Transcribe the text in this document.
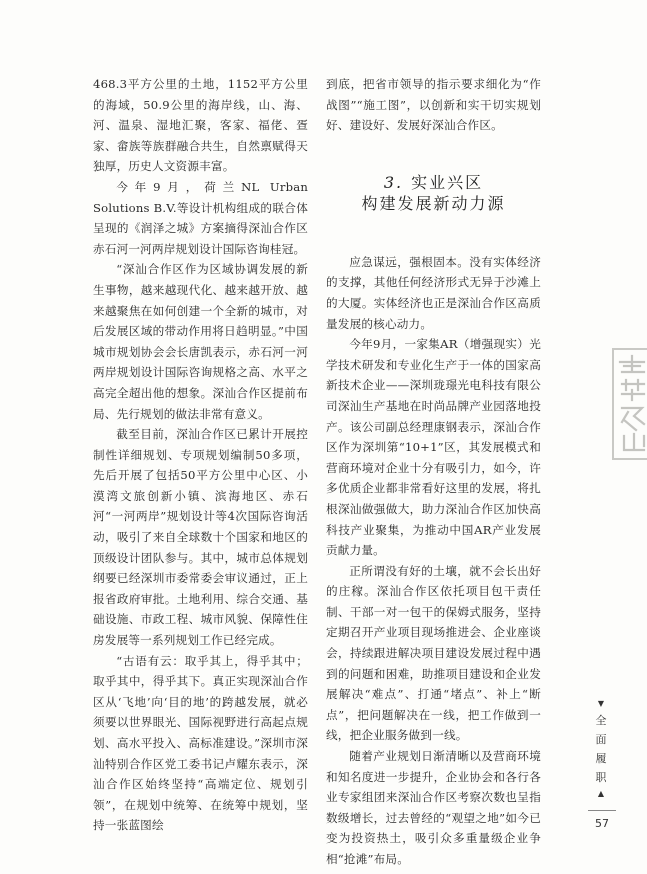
468.3平方公里的土地，1152平方公里的海域，50.9公里的海岸线，山、海、河、温泉、湿地汇聚，客家、福佬、疍家、畲族等族群融合共生，自然禀赋得天独厚，历史人文资源丰富。

今年9月，荷兰NL Urban Solutions B.V.等设计机构组成的联合体呈现的《润泽之城》方案摘得深汕合作区赤石河一河两岸规划设计国际咨询桂冠。

“深汕合作区作为区域协调发展的新生事物，越来越现代化、越来越开放、越来越聚焦在如何创建一个全新的城市，对后发展区域的带动作用将日趋明显。”中国城市规划协会会长唐凯表示，赤石河一河两岸规划设计国际咨询规格之高、水平之高完全超出他的想象。深汕合作区提前布局、先行规划的做法非常有意义。

截至目前，深汕合作区已累计开展控制性详细规划、专项规划编制50多项，先后开展了包括50平方公里中心区、小漠湾文旅创新小镇、滨海地区、赤石河“一河两岸”规划设计等4次国际咨询活动，吸引了来自全球数十个国家和地区的顶级设计团队参与。其中，城市总体规划纲要已经深圳市委常委会审议通过，正上报省政府审批。土地利用、综合交通、基础设施、市政工程、城市风貌、保障性住房发展等一系列规划工作已经完成。

“古语有云：取乎其上，得乎其中；取乎其中，得乎其下。真正实现深汕合作区从‘飞地’向‘目的地’的跨越发展，就必须要以世界眼光、国际视野进行高起点规划、高水平投入、高标准建设。”深圳市深汕特别合作区党工委书记卢耀东表示，深汕合作区始终坚持“高端定位、规划引领”，在规划中统筹、在统筹中规划，坚持一张蓝图绘

到底，把省市领导的指示要求细化为“作战图”“施工图”，以创新和实干切实规划好、建设好、发展好深汕合作区。

3. 实业兴区
构建发展新动力源

应急谋远，强根固本。没有实体经济的支撑，其他任何经济形式无异于沙滩上的大厦。实体经济也正是深汕合作区高质量发展的核心动力。

今年9月，一家集AR（增强现实）光学技术研发和专业化生产于一体的国家高新技术企业——深圳珑璟光电科技有限公司深汕生产基地在时尚品牌产业园落地投产。该公司副总经理康钢表示，深汕合作区作为深圳第“10+1”区，其发展模式和营商环境对企业十分有吸引力，如今，许多优质企业都非常看好这里的发展，将扎根深汕做强做大，助力深汕合作区加快高科技产业聚集，为推动中国AR产业发展贡献力量。

正所谓没有好的土壤，就不会长出好的庄稼。深汕合作区依托项目包干责任制、干部一对一包干的保姆式服务，坚持定期召开产业项目现场推进会、企业座谈会，持续跟进解决项目建设发展过程中遇到的问题和困难，助推项目建设和企业发展解决“难点”、打通“堵点”、补上“断点”，把问题解决在一线，把工作做到一线，把企业服务做到一线。

随着产业规划日渐清晰以及营商环境和知名度进一步提升，企业协会和各行各业专家组团来深汕合作区考察次数也呈指数级增长，过去曾经的“观望之地”如今已变为投资热土，吸引众多重量级企业争相“抢滩”布局。

▼
全
面
履
职
▲
57
